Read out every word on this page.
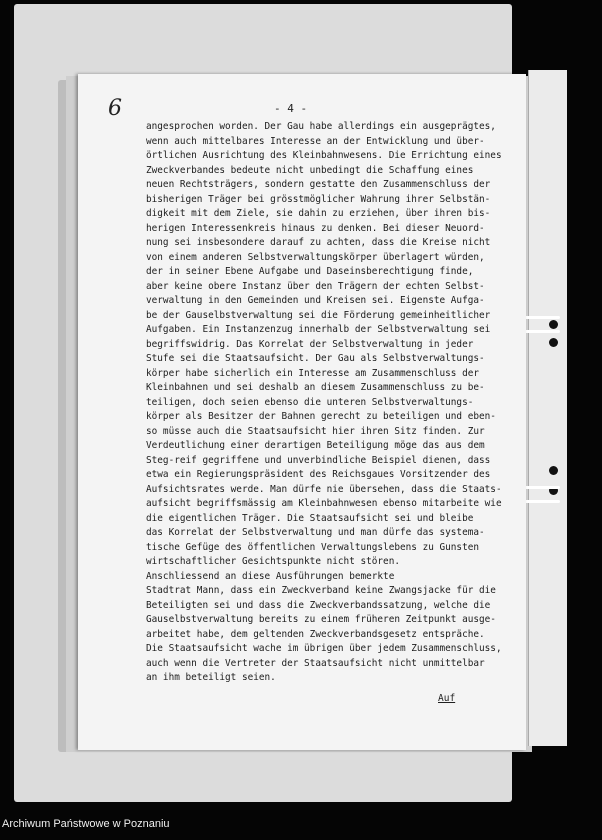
6	- 4 -
angesprochen worden. Der Gau habe allerdings ein ausgeprägtes,
wenn auch mittelbares Interesse an der Entwicklung und über-
örtlichen Ausrichtung des Kleinbahnwesens. Die Errichtung eines
Zweckverbandes bedeute nicht unbedingt die Schaffung eines
neuen Rechtsträgers, sondern gestatte den Zusammenschluss der
bisherigen Träger bei grösstmöglicher Wahrung ihrer Selbstän-
digkeit mit dem Ziele, sie dahin zu erziehen, über ihren bis-
herigen Interessenkreis hinaus zu denken. Bei dieser Neuord-
nung sei insbesondere darauf zu achten, dass die Kreise nicht
von einem anderen Selbstverwaltungskörper überlagert würden,
der in seiner Ebene Aufgabe und Daseinsberechtigung finde,
aber keine obere Instanz über den Trägern der echten Selbst-
verwaltung in den Gemeinden und Kreisen sei. Eigenste Aufga-
be der Gauselbstverwaltung sei die Förderung gemeinheitlicher
Aufgaben. Ein Instanzenzug innerhalb der Selbstverwaltung sei
begriffswidrig. Das Korrelat der Selbstverwaltung in jeder
Stufe sei die Staatsaufsicht. Der Gau als Selbstverwaltungs-
körper habe sicherlich ein Interesse am Zusammenschluss der
Kleinbahnen und sei deshalb an diesem Zusammenschluss zu be-
teiligen, doch seien ebenso die unteren Selbstverwaltungs-
körper als Besitzer der Bahnen gerecht zu beteiligen und eben-
so müsse auch die Staatsaufsicht hier ihren Sitz finden. Zur
Verdeutlichung einer derartigen Beteiligung möge das aus dem
Steg-reif gegriffene und unverbindliche Beispiel dienen, dass
etwa ein Regierungspräsident des Reichsgaues Vorsitzender des
Aufsichtsrates werde. Man dürfe nie übersehen, dass die Staats-
aufsicht begriffsmässig am Kleinbahnwesen ebenso mitarbeite wie
die eigentlichen Träger. Die Staatsaufsicht sei und bleibe
das Korrelat der Selbstverwaltung und man dürfe das systema-
tische Gefüge des öffentlichen Verwaltungslebens zu Gunsten
wirtschaftlicher Gesichtspunkte nicht stören.
Anschliessend an diese Ausführungen bemerkte
Stadtrat Mann, dass ein Zweckverband keine Zwangsjacke für die
Beteiligten sei und dass die Zweckverbandssatzung, welche die
Gauselbstverwaltung bereits zu einem früheren Zeitpunkt ausge-
arbeitet habe, dem geltenden Zweckverbandsgesetz entspräche.
Die Staatsaufsicht wache im übrigen über jedem Zusammenschluss,
auch wenn die Vertreter der Staatsaufsicht nicht unmittelbar
an ihm beteiligt seien.
Auf
Archiwum Państwowe w Poznaniu
